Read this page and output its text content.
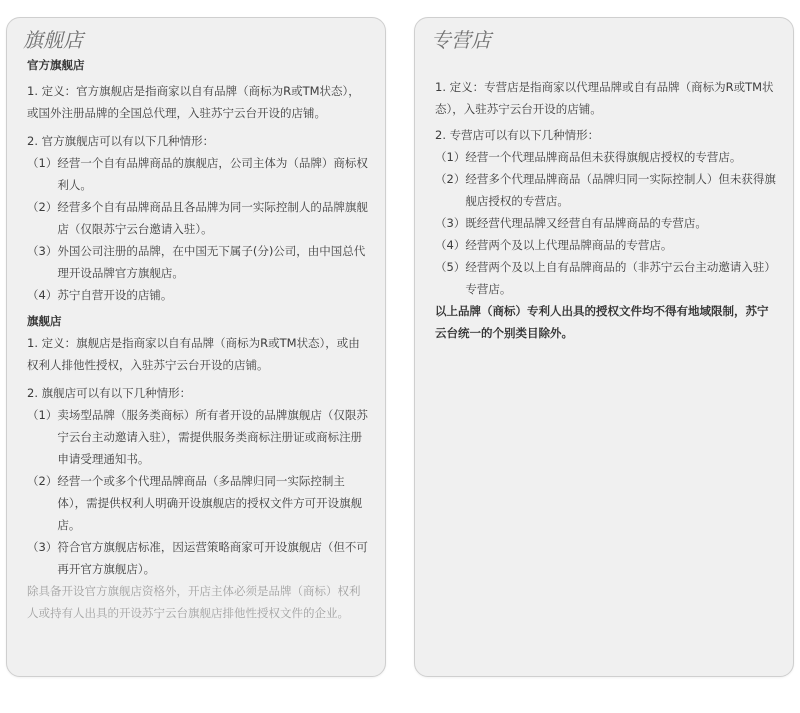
旗舰店
官方旗舰店

1. 定义：官方旗舰店是指商家以自有品牌（商标为R或TM状态），或国外注册品牌的全国总代理，入驻苏宁云台开设的店铺。

2. 官方旗舰店可以有以下几种情形：

（1） 经营一个自有品牌商品的旗舰店，公司主体为（品牌）商标权利人。
（2） 经营多个自有品牌商品且各品牌为同一实际控制人的品牌旗舰店（仅限苏宁云台邀请入驻）。
（3） 外国公司注册的品牌，在中国无下属子(分)公司，由中国总代理开设品牌官方旗舰店。
（4） 苏宁自营开设的店铺。
旗舰店

1. 定义：旗舰店是指商家以自有品牌（商标为R或TM状态），或由权利人排他性授权，入驻苏宁云台开设的店铺。

2. 旗舰店可以有以下几种情形：

（1） 卖场型品牌（服务类商标）所有者开设的品牌旗舰店（仅限苏宁云台主动邀请入驻），需提供服务类商标注册证或商标注册申请受理通知书。
（2） 经营一个或多个代理品牌商品（多品牌归同一实际控制主体），需提供权利人明确开设旗舰店的授权文件方可开设旗舰店。
（3） 符合官方旗舰店标准，因运营策略商家可开设旗舰店（但不可再开官方旗舰店）。

除具备开设官方旗舰店资格外，开店主体必须是品牌（商标）权利人或持有人出具的开设苏宁云台旗舰店排他性授权文件的企业。

专营店

1. 定义：专营店是指商家以代理品牌或自有品牌（商标为R或TM状态），入驻苏宁云台开设的店铺。

2. 专营店可以有以下几种情形：

（1） 经营一个代理品牌商品但未获得旗舰店授权的专营店。
（2） 经营多个代理品牌商品（品牌归同一实际控制人）但未获得旗舰店授权的专营店。
（3） 既经营代理品牌又经营自有品牌商品的专营店。
（4） 经营两个及以上代理品牌商品的专营店。
（5） 经营两个及以上自有品牌商品的（非苏宁云台主动邀请入驻）专营店。

以上品牌（商标）专利人出具的授权文件均不得有地域限制，苏宁云台统一的个别类目除外。
